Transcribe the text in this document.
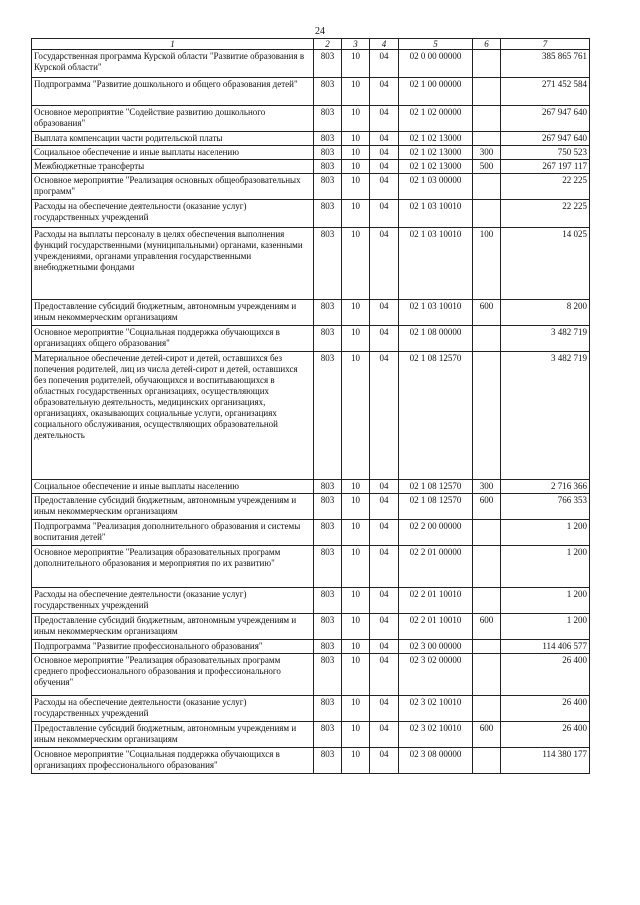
24
1	2	3	4	5	6	7
Государственная программа Курской области "Развитие образования в Курской области"	803	10	04	02 0 00 00000		385 865 761
Подпрограмма "Развитие дошкольного и общего образования детей"	803	10	04	02 1 00 00000		271 452 584
Основное мероприятие "Содействие развитию дошкольного образования"	803	10	04	02 1 02 00000		267 947 640
Выплата компенсации части родительской платы	803	10	04	02 1 02 13000		267 947 640
Социальное обеспечение и иные выплаты населению	803	10	04	02 1 02 13000	300	750 523
Межбюджетные трансферты	803	10	04	02 1 02 13000	500	267 197 117
Основное мероприятие "Реализация основных общеобразовательных программ"	803	10	04	02 1 03 00000		22 225
Расходы на обеспечение деятельности (оказание услуг) государственных учреждений	803	10	04	02 1 03 10010		22 225
Расходы на выплаты персоналу в целях обеспечения выполнения функций государственными (муниципальными) органами, казенными учреждениями, органами управления государственными внебюджетными фондами	803	10	04	02 1 03 10010	100	14 025
Предоставление субсидий бюджетным, автономным учреждениям и иным некоммерческим организациям	803	10	04	02 1 03 10010	600	8 200
Основное мероприятие "Социальная поддержка обучающихся в организациях общего образования"	803	10	04	02 1 08 00000		3 482 719
Материальное обеспечение детей-сирот и детей, оставшихся без попечения родителей, лиц из числа детей-сирот и детей, оставшихся без попечения родителей, обучающихся и воспитывающихся в областных государственных организациях, осуществляющих образовательную деятельность, медицинских организациях, организациях, оказывающих социальные услуги, организациях социального обслуживания, осуществляющих образовательной деятельность	803	10	04	02 1 08 12570		3 482 719
Социальное обеспечение и иные выплаты населению	803	10	04	02 1 08 12570	300	2 716 366
Предоставление субсидий бюджетным, автономным учреждениям и иным некоммерческим организациям	803	10	04	02 1 08 12570	600	766 353
Подпрограмма "Реализация дополнительного образования и системы воспитания детей"	803	10	04	02 2 00 00000		1 200
Основное мероприятие "Реализация образовательных программ дополнительного образования и мероприятия по их развитию"	803	10	04	02 2 01 00000		1 200
Расходы на обеспечение деятельности (оказание услуг) государственных учреждений	803	10	04	02 2 01 10010		1 200
Предоставление субсидий бюджетным, автономным учреждениям и иным некоммерческим организациям	803	10	04	02 2 01 10010	600	1 200
Подпрограмма "Развитие профессионального образования"	803	10	04	02 3 00 00000		114 406 577
Основное мероприятие "Реализация образовательных программ среднего профессионального образования и профессионального обучения"	803	10	04	02 3 02 00000		26 400
Расходы на обеспечение деятельности (оказание услуг) государственных учреждений	803	10	04	02 3 02 10010		26 400
Предоставление субсидий бюджетным, автономным учреждениям и иным некоммерческим организациям	803	10	04	02 3 02 10010	600	26 400
Основное мероприятие "Социальная поддержка обучающихся в организациях профессионального образования"	803	10	04	02 3 08 00000		114 380 177
